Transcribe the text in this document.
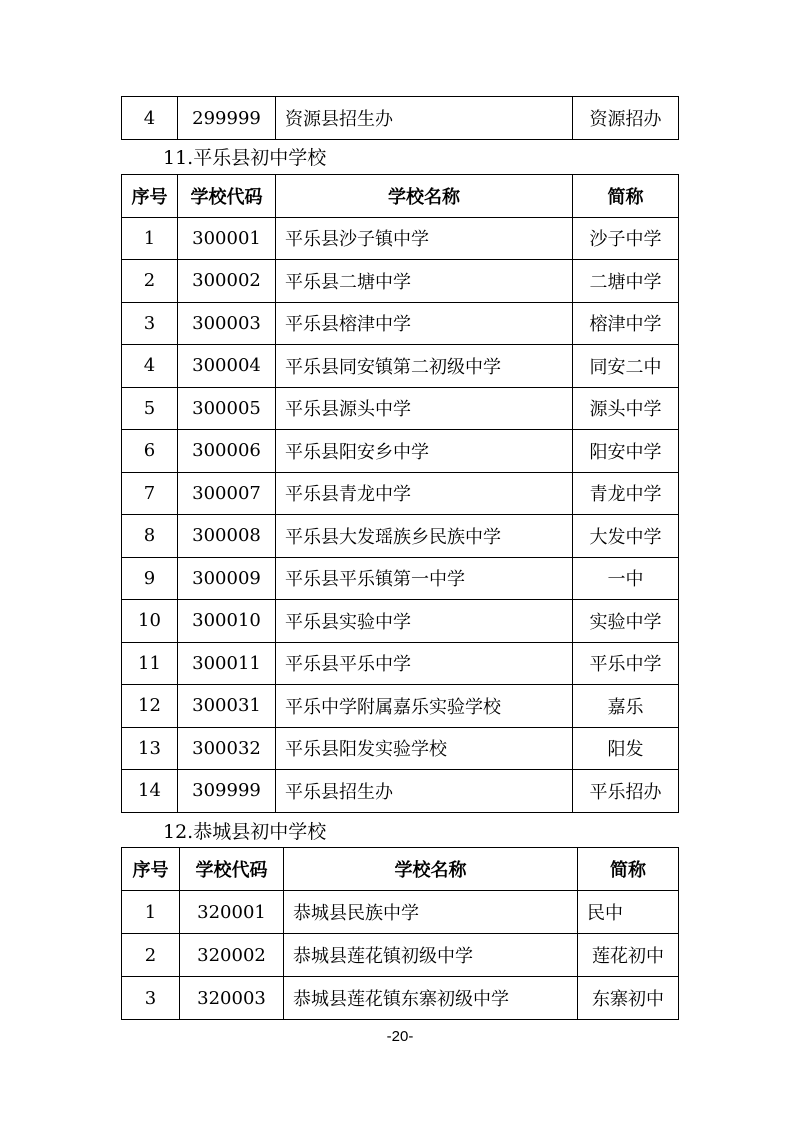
4	299999	资源县招生办	资源招办
11.平乐县初中学校
序号	学校代码	学校名称	简称
1	300001	平乐县沙子镇中学	沙子中学
2	300002	平乐县二塘中学	二塘中学
3	300003	平乐县榕津中学	榕津中学
4	300004	平乐县同安镇第二初级中学	同安二中
5	300005	平乐县源头中学	源头中学
6	300006	平乐县阳安乡中学	阳安中学
7	300007	平乐县青龙中学	青龙中学
8	300008	平乐县大发瑶族乡民族中学	大发中学
9	300009	平乐县平乐镇第一中学	一中
10	300010	平乐县实验中学	实验中学
11	300011	平乐县平乐中学	平乐中学
12	300031	平乐中学附属嘉乐实验学校	嘉乐
13	300032	平乐县阳发实验学校	阳发
14	309999	平乐县招生办	平乐招办
12.恭城县初中学校
序号	学校代码	学校名称	简称
1	320001	恭城县民族中学	民中
2	320002	恭城县莲花镇初级中学	莲花初中
3	320003	恭城县莲花镇东寨初级中学	东寨初中
-20-
